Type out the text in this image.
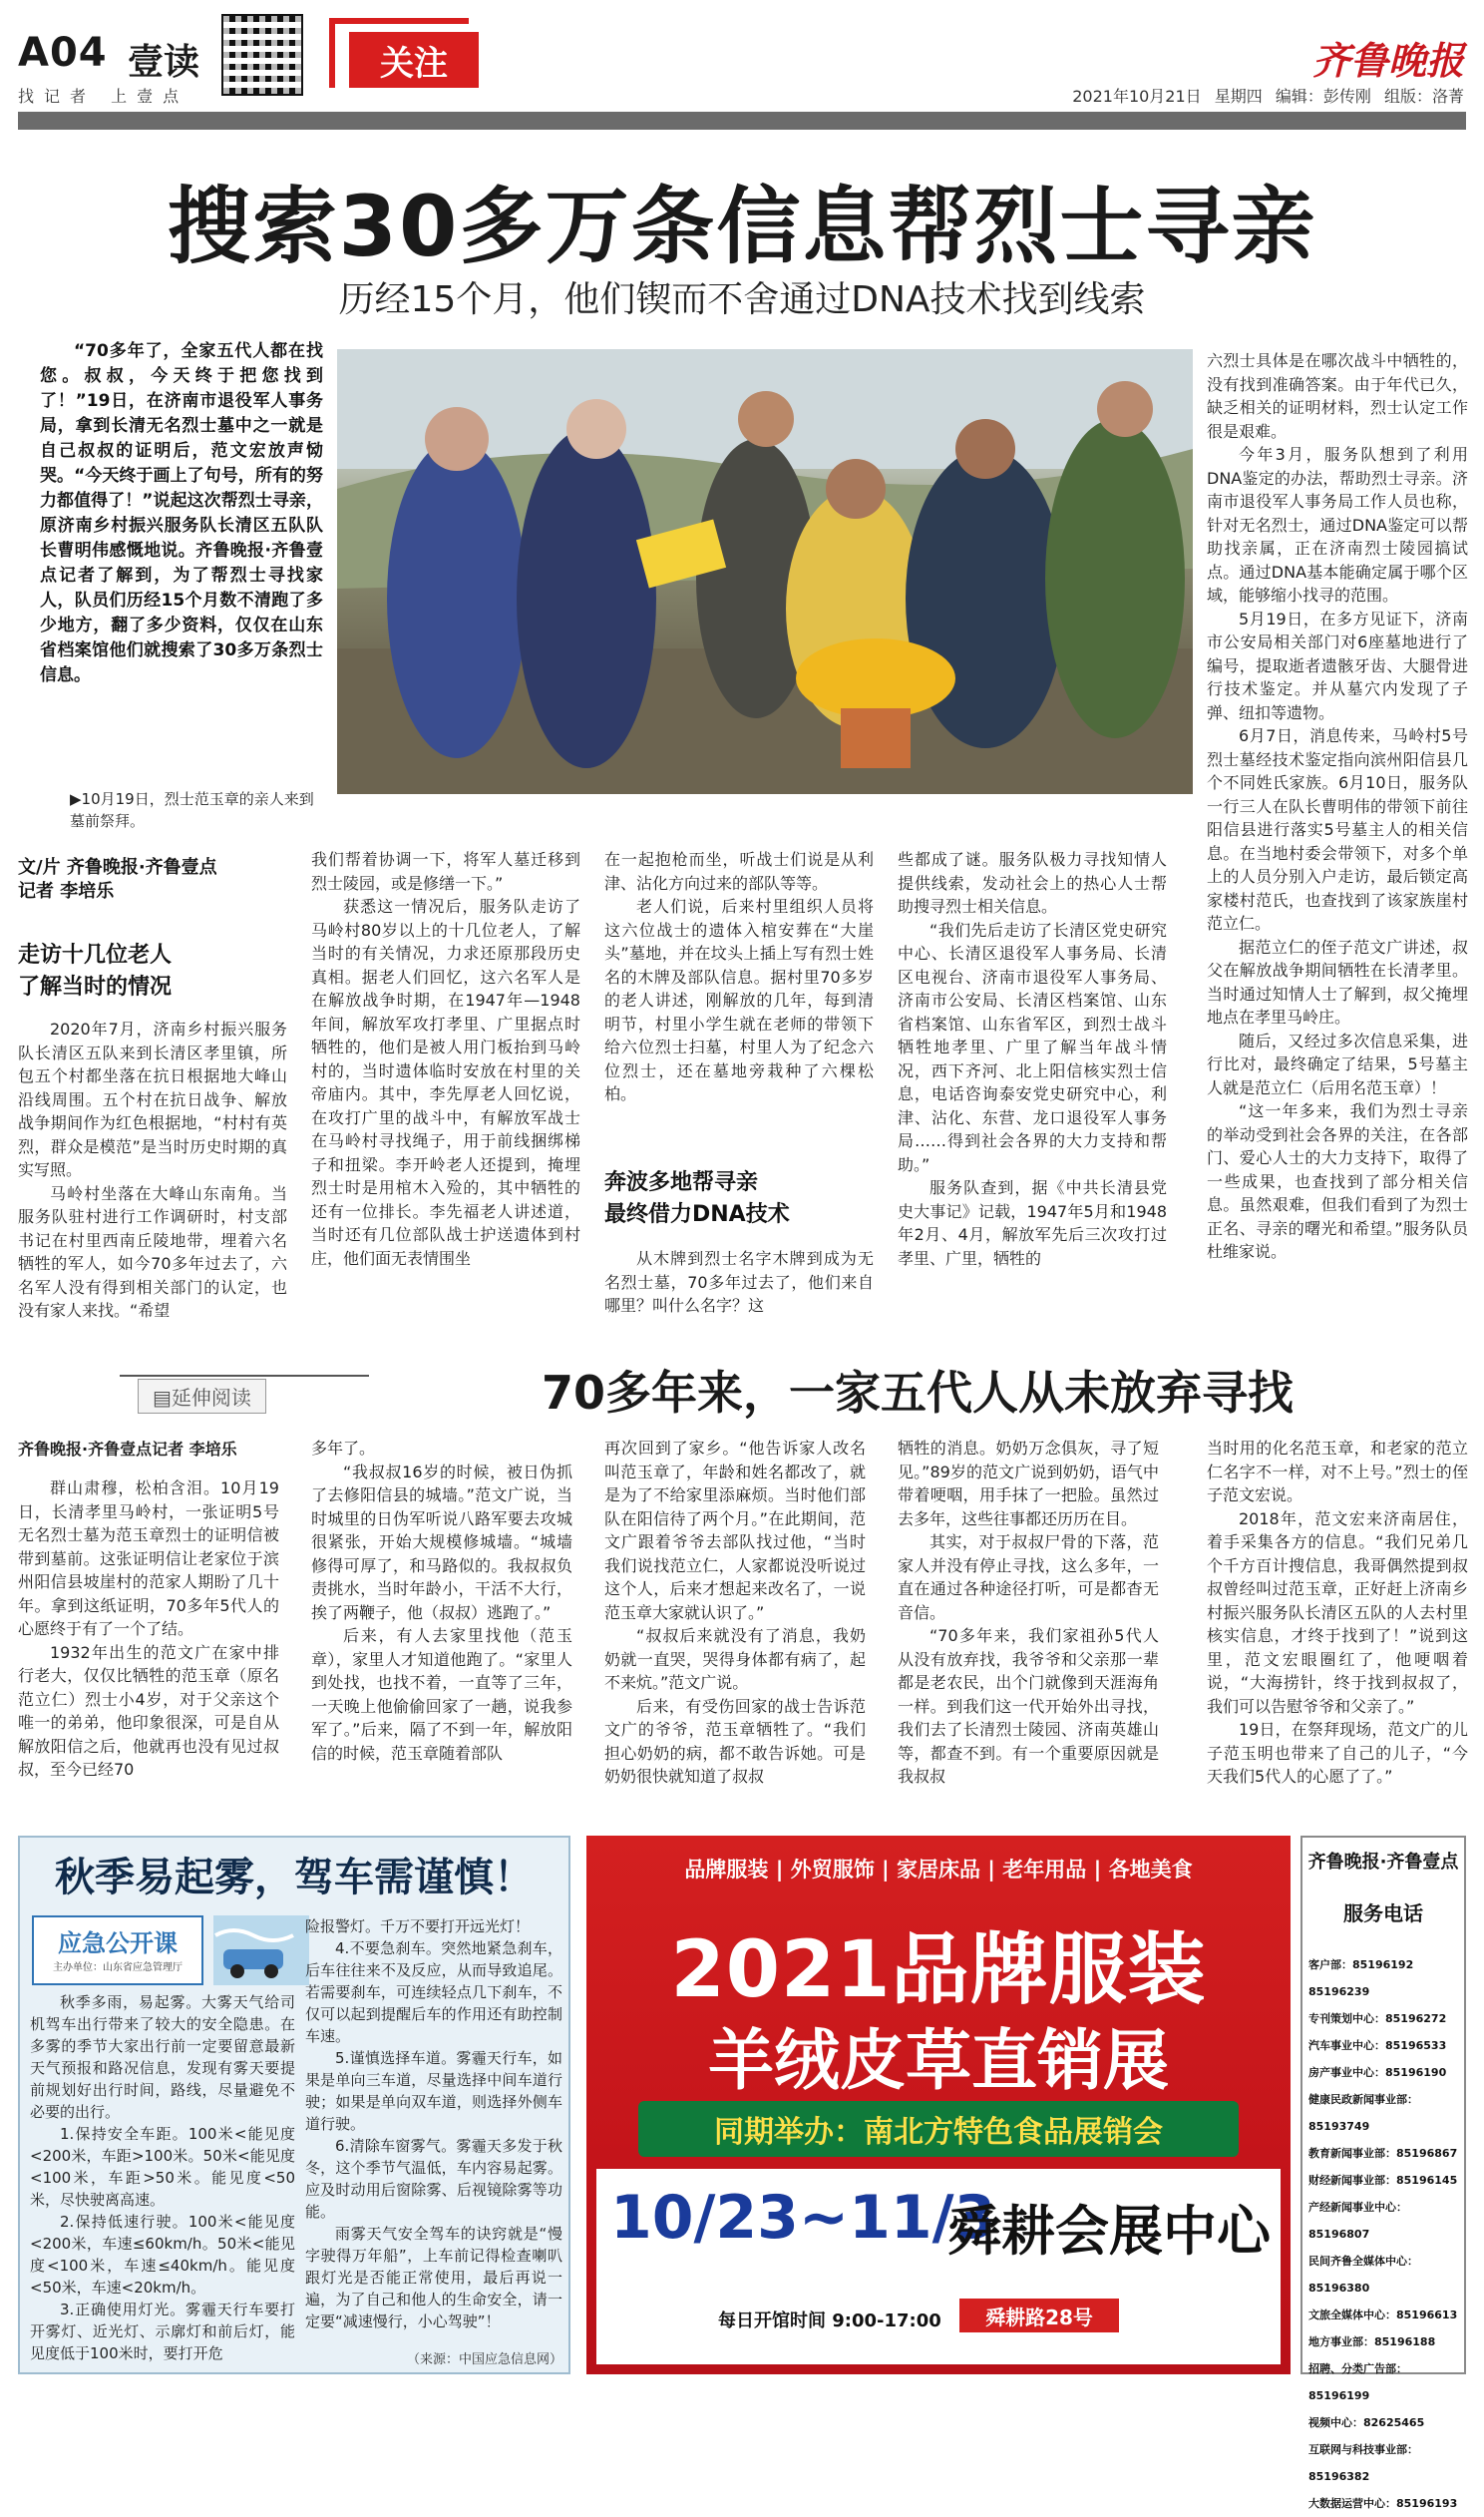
A04 壹读
找记者 上壹点
关注	齐鲁晚报
2021年10月21日 星期四 编辑：彭传刚 组版：洛菁
搜索30多万条信息帮烈士寻亲
历经15个月，他们锲而不舍通过DNA技术找到线索

“70多年了，全家五代人都在找您。叔叔，今天终于把您找到了！”19日，在济南市退役军人事务局，拿到长清无名烈士墓中之一就是自己叔叔的证明后，范文宏放声恸哭。“今天终于画上了句号，所有的努力都值得了！”说起这次帮烈士寻亲，原济南乡村振兴服务队长清区五队队长曹明伟感慨地说。齐鲁晚报·齐鲁壹点记者了解到，为了帮烈士寻找家人，队员们历经15个月数不清跑了多少地方，翻了多少资料，仅仅在山东省档案馆他们就搜索了30多万条烈士信息。

▶10月19日，烈士范玉章的亲人来到墓前祭拜。
文/片 齐鲁晚报·齐鲁壹点
记者 李培乐
走访十几位老人
了解当时的情况

2020年7月，济南乡村振兴服务队长清区五队来到长清区孝里镇，所包五个村都坐落在抗日根据地大峰山沿线周围。五个村在抗日战争、解放战争期间作为红色根据地，“村村有英烈，群众是模范”是当时历史时期的真实写照。

马岭村坐落在大峰山东南角。当服务队驻村进行工作调研时，村支部书记在村里西南丘陵地带，埋着六名牺牲的军人，如今70多年过去了，六名军人没有得到相关部门的认定，也没有家人来找。“希望

我们帮着协调一下，将军人墓迁移到烈士陵园，或是修缮一下。”

获悉这一情况后，服务队走访了马岭村80岁以上的十几位老人，了解当时的有关情况，力求还原那段历史真相。据老人们回忆，这六名军人是在解放战争时期，在1947年—1948年间，解放军攻打孝里、广里据点时牺牲的，他们是被人用门板抬到马岭村的，当时遗体临时安放在村里的关帝庙内。其中，李先厚老人回忆说，在攻打广里的战斗中，有解放军战士在马岭村寻找绳子，用于前线捆绑梯子和扭梁。李开岭老人还提到，掩埋烈士时是用棺木入殓的，其中牺牲的还有一位排长。李先福老人讲述道，当时还有几位部队战士护送遗体到村庄，他们面无表情围坐

在一起抱枪而坐，听战士们说是从利津、沾化方向过来的部队等等。

老人们说，后来村里组织人员将这六位战士的遗体入棺安葬在“大崖头”墓地，并在坟头上插上写有烈士姓名的木牌及部队信息。据村里70多岁的老人讲述，刚解放的几年，每到清明节，村里小学生就在老师的带领下给六位烈士扫墓，村里人为了纪念六位烈士，还在墓地旁栽种了六棵松柏。

奔波多地帮寻亲
最终借力DNA技术

从木牌到烈士名字木牌到成为无名烈士墓，70多年过去了，他们来自哪里？叫什么名字？这

些都成了谜。服务队极力寻找知情人提供线索，发动社会上的热心人士帮助搜寻烈士相关信息。

“我们先后走访了长清区党史研究中心、长清区退役军人事务局、长清区电视台、济南市退役军人事务局、济南市公安局、长清区档案馆、山东省档案馆、山东省军区，到烈士战斗牺牲地孝里、广里了解当年战斗情况，西下齐河、北上阳信核实烈士信息，电话咨询泰安党史研究中心，利津、沾化、东营、龙口退役军人事务局……得到社会各界的大力支持和帮助。”

服务队查到，据《中共长清县党史大事记》记载，1947年5月和1948年2月、4月，解放军先后三次攻打过孝里、广里，牺牲的

六烈士具体是在哪次战斗中牺牲的，没有找到准确答案。由于年代已久，缺乏相关的证明材料，烈士认定工作很是艰难。

今年3月，服务队想到了利用DNA鉴定的办法，帮助烈士寻亲。济南市退役军人事务局工作人员也称，针对无名烈士，通过DNA鉴定可以帮助找亲属，正在济南烈士陵园搞试点。通过DNA基本能确定属于哪个区域，能够缩小找寻的范围。

5月19日，在多方见证下，济南市公安局相关部门对6座墓地进行了编号，提取逝者遗骸牙齿、大腿骨进行技术鉴定。并从墓穴内发现了子弹、纽扣等遗物。

6月7日，消息传来，马岭村5号烈士墓经技术鉴定指向滨州阳信县几个不同姓氏家族。6月10日，服务队一行三人在队长曹明伟的带领下前往阳信县进行落实5号墓主人的相关信息。在当地村委会带领下，对多个单上的人员分别入户走访，最后锁定高家楼村范氏，也查找到了该家族崖村范立仁。

据范立仁的侄子范文广讲述，叔父在解放战争期间牺牲在长清孝里。当时通过知情人士了解到，叔父掩埋地点在孝里马岭庄。

随后，又经过多次信息采集，进行比对，最终确定了结果，5号墓主人就是范立仁（后用名范玉章）！

“这一年多来，我们为烈士寻亲的举动受到社会各界的关注，在各部门、爱心人士的大力支持下，取得了一些成果，也查找到了部分相关信息。虽然艰难，但我们看到了为烈士正名、寻亲的曙光和希望。”服务队员杜维家说。

70多年来，一家五代人从未放弃寻找
▤延伸阅读
齐鲁晚报·齐鲁壹点记者 李培乐

群山肃穆，松柏含泪。10月19日，长清孝里马岭村，一张证明5号无名烈士墓为范玉章烈士的证明信被带到墓前。这张证明信让老家位于滨州阳信县坡崖村的范家人期盼了几十年。拿到这纸证明，70多年5代人的心愿终于有了一个了结。

1932年出生的范文广在家中排行老大，仅仅比牺牲的范玉章（原名范立仁）烈士小4岁，对于父亲这个唯一的弟弟，他印象很深，可是自从解放阳信之后，他就再也没有见过叔叔，至今已经70

多年了。

“我叔叔16岁的时候，被日伪抓了去修阳信县的城墙。”范文广说，当时城里的日伪军听说八路军要去攻城很紧张，开始大规模修城墙。“城墙修得可厚了，和马路似的。我叔叔负责挑水，当时年龄小，干活不大行，挨了两鞭子，他（叔叔）逃跑了。”

后来，有人去家里找他（范玉章），家里人才知道他跑了。“家里人到处找，也找不着，一直等了三年，一天晚上他偷偷回家了一趟，说我参军了。”后来，隔了不到一年，解放阳信的时候，范玉章随着部队

再次回到了家乡。“他告诉家人改名叫范玉章了，年龄和姓名都改了，就是为了不给家里添麻烦。当时他们部队在阳信待了两个月。”在此期间，范文广跟着爷爷去部队找过他，“当时我们说找范立仁，人家都说没听说过这个人，后来才想起来改名了，一说范玉章大家就认识了。”

“叔叔后来就没有了消息，我奶奶就一直哭，哭得身体都有病了，起不来炕。”范文广说。

后来，有受伤回家的战士告诉范文广的爷爷，范玉章牺牲了。“我们担心奶奶的病，都不敢告诉她。可是奶奶很快就知道了叔叔

牺牲的消息。奶奶万念俱灰，寻了短见。”89岁的范文广说到奶奶，语气中带着哽咽，用手抹了一把脸。虽然过去多年，这些往事都还历历在目。

其实，对于叔叔尸骨的下落，范家人并没有停止寻找，这么多年，一直在通过各种途径打听，可是都杳无音信。

“70多年来，我们家祖孙5代人从没有放弃找，我爷爷和父亲那一辈都是老农民，出个门就像到天涯海角一样。到我们这一代开始外出寻找，我们去了长清烈士陵园、济南英雄山等，都查不到。有一个重要原因就是我叔叔

当时用的化名范玉章，和老家的范立仁名字不一样，对不上号。”烈士的侄子范文宏说。

2018年，范文宏来济南居住，着手采集各方的信息。“我们兄弟几个千方百计搜信息，我哥偶然提到叔叔曾经叫过范玉章，正好赶上济南乡村振兴服务队长清区五队的人去村里核实信息，才终于找到了！”说到这里，范文宏眼圈红了，他哽咽着说，“大海捞针，终于找到叔叔了，我们可以告慰爷爷和父亲了。”

19日，在祭拜现场，范文广的儿子范玉明也带来了自己的儿子，“今天我们5代人的心愿了了。”

秋季易起雾，驾车需谨慎！
应急公开课
主办单位：山东省应急管理厅

秋季多雨，易起雾。大雾天气给司机驾车出行带来了较大的安全隐患。在多雾的季节大家出行前一定要留意最新天气预报和路况信息，发现有雾天要提前规划好出行时间，路线，尽量避免不必要的出行。

1.保持安全车距。100米<能见度<200米，车距>100米。50米<能见度<100米，车距>50米。能见度<50米，尽快驶离高速。

2.保持低速行驶。100米<能见度<200米，车速≤60km/h。50米<能见度<100米，车速≤40km/h。能见度<50米，车速<20km/h。

3.正确使用灯光。雾霾天行车要打开雾灯、近光灯、示廓灯和前后灯，能见度低于100米时，要打开危

险报警灯。千万不要打开远光灯！

4.不要急刹车。突然地紧急刹车，后车往往来不及反应，从而导致追尾。若需要刹车，可连续轻点几下刹车，不仅可以起到提醒后车的作用还有助控制车速。

5.谨慎选择车道。雾霾天行车，如果是单向三车道，尽量选择中间车道行驶；如果是单向双车道，则选择外侧车道行驶。

6.清除车窗雾气。雾霾天多发于秋冬，这个季节气温低，车内容易起雾。应及时动用后窗除雾、后视镜除雾等功能。

雨雾天气安全驾车的诀窍就是“慢字驶得万年船”，上车前记得检查喇叭跟灯光是否能正常使用，最后再说一遍，为了自己和他人的生命安全，请一定要“减速慢行，小心驾驶”！

（来源：中国应急信息网）
品牌服装 | 外贸服饰 | 家居床品 | 老年用品 | 各地美食
2021品牌服装
羊绒皮草直销展
同期举办：南北方特色食品展销会
10/23~11/3
舜耕会展中心
每日开馆时间 9:00-17:00	舜耕路28号
齐鲁晚报·齐鲁壹点
服务电话
客户部：85196192 85196239
专刊策划中心：85196272
汽车事业中心：85196533
房产事业中心：85196190
健康民政新闻事业部：85193749
教育新闻事业部：85196867
财经新闻事业部：85196145
产经新闻事业中心：85196807
民间齐鲁全媒体中心：85196380
文旅全媒体中心：85196613
地方事业部：85196188
招聘、分类广告部：85196199
视频中心：82625465
互联网与科技事业部：85196382
大数据运营中心：85196193
